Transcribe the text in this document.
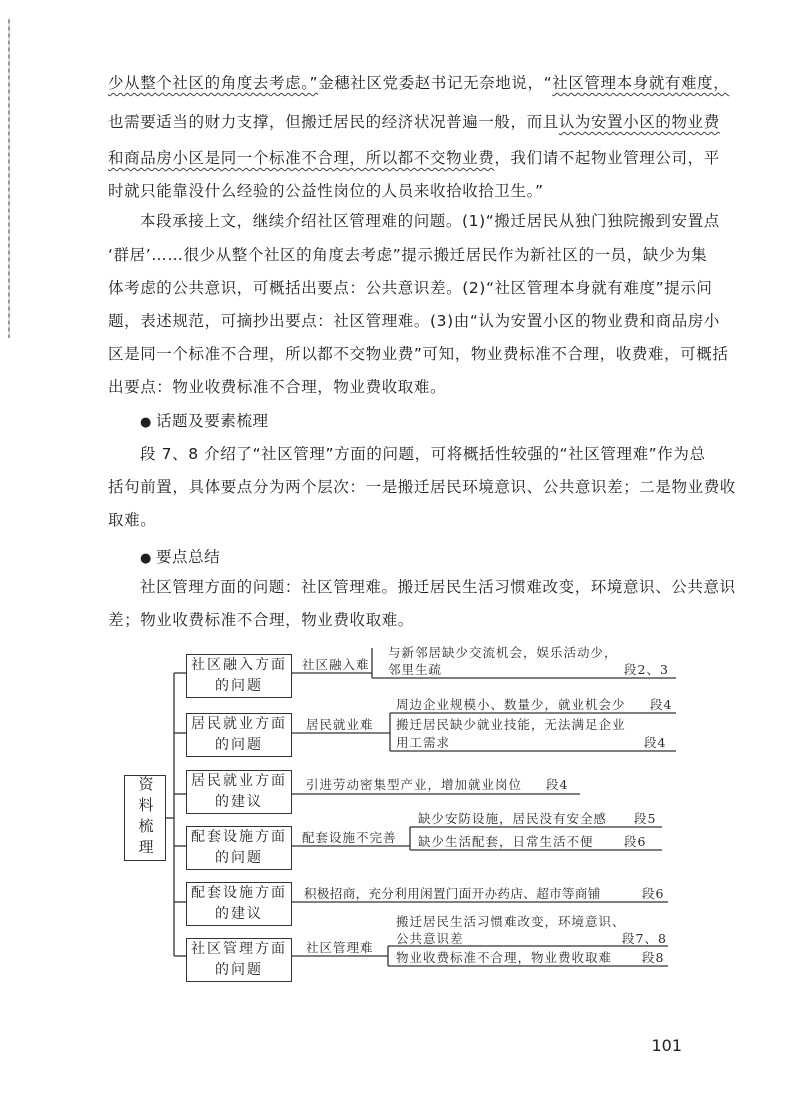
少从整个社区的角度去考虑。”金穗社区党委赵书记无奈地说，“社区管理本身就有难度，
也需要适当的财力支撑，但搬迁居民的经济状况普遍一般，而且认为安置小区的物业费
和商品房小区是同一个标准不合理，所以都不交物业费，我们请不起物业管理公司，平
时就只能靠没什么经验的公益性岗位的人员来收拾收拾卫生。”
本段承接上文，继续介绍社区管理难的问题。(1)“搬迁居民从独门独院搬到安置点
‘群居’……很少从整个社区的角度去考虑”提示搬迁居民作为新社区的一员，缺少为集
体考虑的公共意识，可概括出要点：公共意识差。(2)“社区管理本身就有难度”提示问
题，表述规范，可摘抄出要点：社区管理难。(3)由“认为安置小区的物业费和商品房小
区是同一个标准不合理，所以都不交物业费”可知，物业费标准不合理，收费难，可概括
出要点：物业收费标准不合理，物业费收取难。
● 话题及要素梳理
段 7、8 介绍了“社区管理”方面的问题，可将概括性较强的“社区管理难”作为总
括句前置，具体要点分为两个层次：一是搬迁居民环境意识、公共意识差；二是物业费收
取难。
● 要点总结
社区管理方面的问题：社区管理难。搬迁居民生活习惯难改变，环境意识、公共意识
差；物业收费标准不合理，物业费收取难。
资料梳理
社区融入方面
的问题
居民就业方面
的问题
居民就业方面
的建议
配套设施方面
的问题
配套设施方面
的建议
社区管理方面
的问题
社区融入难
居民就业难
配套设施不完善
社区管理难
与新邻居缺少交流机会，娱乐活动少，
邻里生疏	段2、3
周边企业规模小、数量少，就业机会少 段4
搬迁居民缺少就业技能，无法满足企业
用工需求	段4
引进劳动密集型产业，增加就业岗位 段4
缺少安防设施，居民没有安全感 段5
缺少生活配套，日常生活不便 段6
积极招商，充分利用闲置门面开办药店、超市等商铺	段6
搬迁居民生活习惯难改变，环境意识、
公共意识差	段7、8
物业收费标准不合理，物业费收取难 段8
101
